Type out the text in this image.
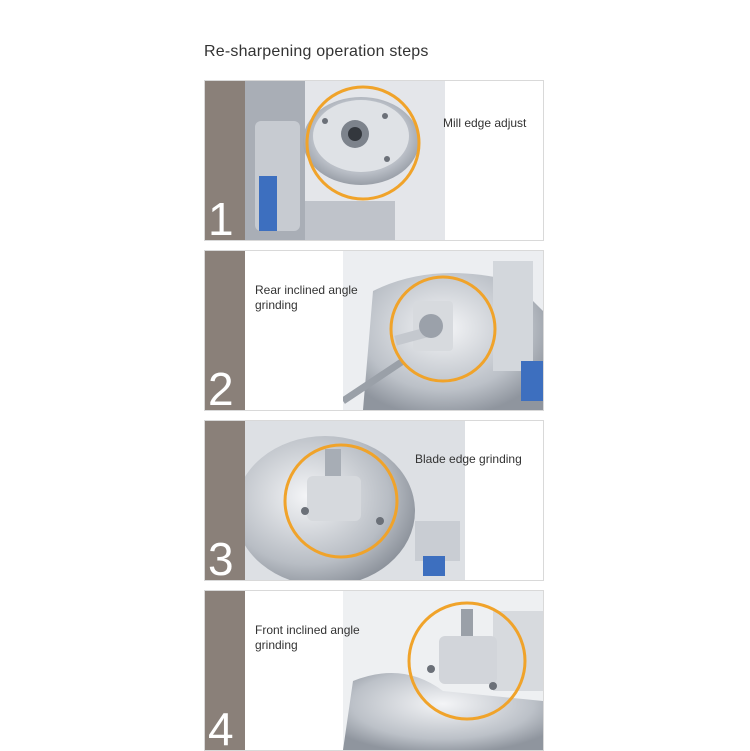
Re-sharpening operation steps
1
Mill edge adjust
2
Rear inclined angle
grinding
3
Blade edge grinding
4
Front inclined angle
grinding
